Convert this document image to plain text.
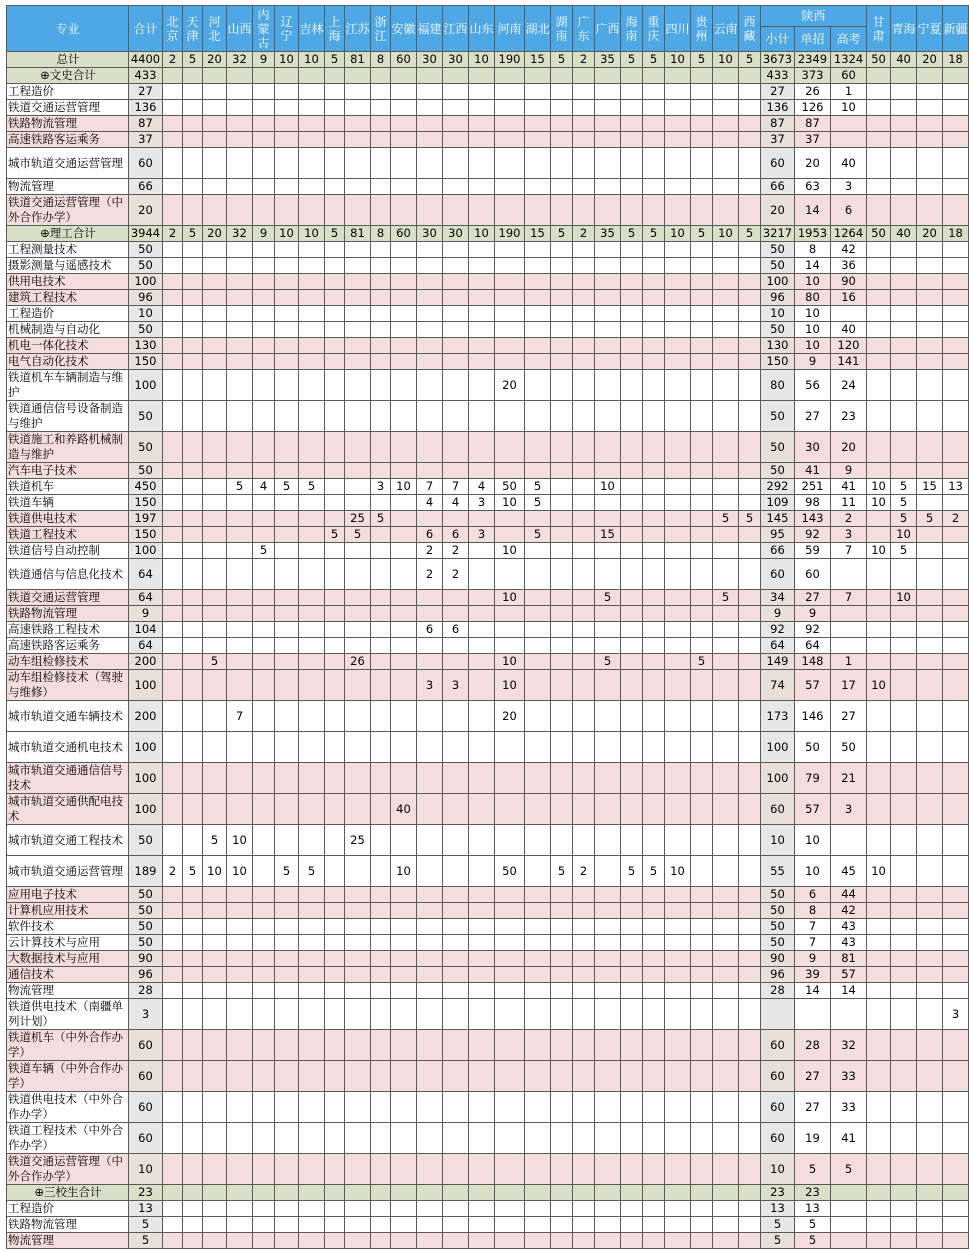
专业	合计	北京	天津	河北	山西	内蒙古	辽宁	吉林	上海	江苏	浙江	安徽	福建	江西	山东	河南	湖北	湖南	广东	广西	海南	重庆	四川	贵州	云南	西藏	陕西			甘肃	青海	宁夏	新疆
																											小计	单招	高考				
总计	4400	2	5	20	32	9	10	10	5	81	8	60	30	30	10	190	15	5	2	35	5	5	10	5	10	5	3673	2349	1324	50	40	20	18
⊕文史合计	433																										433	373	60				
工程造价	27																										27	26	1				
铁道交通运营管理	136																										136	126	10				
铁路物流管理	87																										87	87					
高速铁路客运乘务	37																										37	37					
城市轨道交通运营管理	60																										60	20	40				
物流管理	66																										66	63	3				
铁道交通运营管理（中外合作办学）	20																										20	14	6				
⊕理工合计	3944	2	5	20	32	9	10	10	5	81	8	60	30	30	10	190	15	5	2	35	5	5	10	5	10	5	3217	1953	1264	50	40	20	18
工程测量技术	50																										50	8	42				
摄影测量与遥感技术	50																										50	14	36				
供用电技术	100																										100	10	90				
建筑工程技术	96																										96	80	16				
工程造价	10																										10	10					
机械制造与自动化	50																										50	10	40				
机电一体化技术	130																										130	10	120				
电气自动化技术	150																										150	9	141				
铁道机车车辆制造与维护	100															20											80	56	24				
铁道通信信号设备制造与维护	50																										50	27	23				
铁道施工和养路机械制造与维护	50																										50	30	20				
汽车电子技术	50																										50	41	9				
铁道机车	450				5	4	5	5			3	10	7	7	4	50	5			10							292	251	41	10	5	15	13
铁道车辆	150												4	4	3	10	5										109	98	11	10	5		
铁道供电技术	197									25	5														5	5	145	143	2		5	5	2
铁道工程技术	150								5	5			6	6	3		5			15							95	92	3		10		
铁道信号自动控制	100					5							2	2		10											66	59	7	10	5		
铁道通信与信息化技术	64												2	2													60	60					
铁道交通运营管理	64															10				5					5		34	27	7		10		
铁路物流管理	9																										9	9					
高速铁路工程技术	104												6	6													92	92					
高速铁路客运乘务	64																										64	64					
动车组检修技术	200			5						26						10				5				5			149	148	1				
动车组检修技术（驾驶与维修）	100												3	3		10											74	57	17	10			
城市轨道交通车辆技术	200				7											20											173	146	27				
城市轨道交通机电技术	100																										100	50	50				
城市轨道交通通信信号技术	100																										100	79	21				
城市轨道交通供配电技术	100											40															60	57	3				
城市轨道交通工程技术	50			5	10					25																	10	10					
城市轨道交通运营管理	189	2	5	10	10		5	5				10				50		5	2		5	5	10				55	10	45	10			
应用电子技术	50																										50	6	44				
计算机应用技术	50																										50	8	42				
软件技术	50																										50	7	43				
云计算技术与应用	50																										50	7	43				
大数据技术与应用	90																										90	9	81				
通信技术	96																										96	39	57				
物流管理	28																										28	14	14				
铁道供电技术（南疆单列计划）	3																																3
铁道机车（中外合作办学）	60																										60	28	32				
铁道车辆（中外合作办学）	60																										60	27	33				
铁道供电技术（中外合作办学）	60																										60	27	33				
铁道工程技术（中外合作办学）	60																										60	19	41				
铁道交通运营管理（中外合作办学）	10																										10	5	5				
⊕三校生合计	23																										23	23					
工程造价	13																										13	13					
铁路物流管理	5																										5	5					
物流管理	5																										5	5					
